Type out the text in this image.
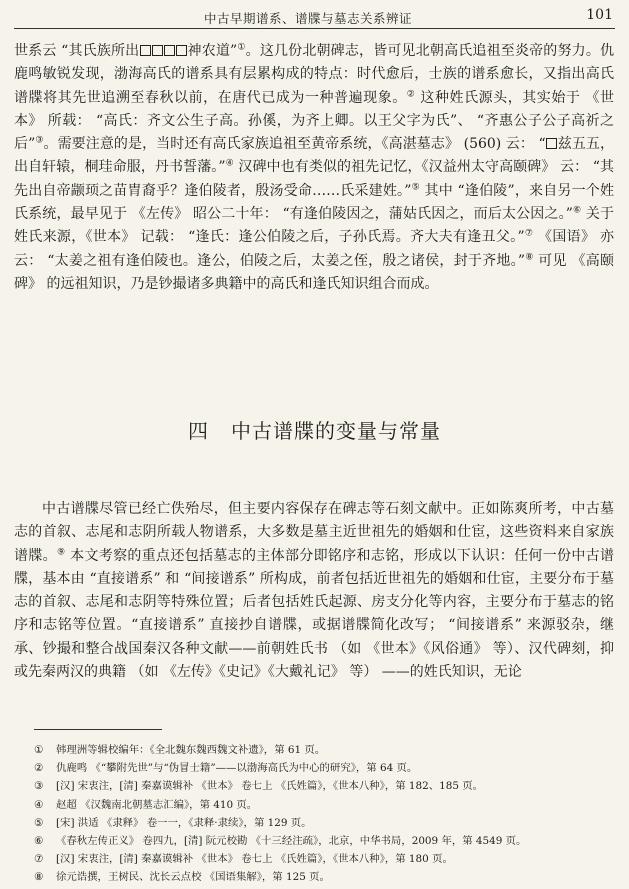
中古早期谱系、谱牒与墓志关系辨证	101

世系云 “其氏族所出	神农道”①。这几份北朝碑志，皆可见北朝高氏追祖至炎帝的努力。仇鹿鸣敏锐发现，渤海高氏的谱系具有层累构成的特点：时代愈后，士族的谱系愈长，又指出高氏谱牒将其先世追溯至春秋以前，在唐代已成为一种普遍现象。② 这种姓氏源头，其实始于 《世本》 所载： “高氏：齐文公生子高。孙傒，为齐上卿。以王父字为氏”、 “齐惠公子公子高祈之后”③。需要注意的是，当时还有高氏家族追祖至黄帝系统，《高湛墓志》 (560) 云： “ 兹五五，出自轩辕，桐珪命服，丹书誓藩。”④ 汉碑中也有类似的祖先记忆，《汉益州太守高颐碑》 云： “其先出自帝颛顼之苗胄裔乎？逢伯陵者，殷汤受命……氏采建姓。”⑤ 其中 “逢伯陵”，来自另一个姓氏系统，最早见于 《左传》 昭公二十年： “有逢伯陵因之，蒲姑氏因之，而后太公因之。”⑥ 关于姓氏来源，《世本》 记载： “逢氏：逢公伯陵之后，子孙氏焉。齐大夫有逢丑父。”⑦ 《国语》 亦云： “太姜之祖有逢伯陵也。逢公，伯陵之后，太姜之侄，殷之诸侯，封于齐地。”⑧ 可见 《高颐碑》 的远祖知识，乃是钞撮诸多典籍中的高氏和逢氏知识组合而成。

四 中古谱牒的变量与常量

中古谱牒尽管已经亡佚殆尽，但主要内容保存在碑志等石刻文献中。正如陈爽所考，中古墓志的首叙、志尾和志阴所载人物谱系，大多数是墓主近世祖先的婚姻和仕宦，这些资料来自家族谱牒。⑨ 本文考察的重点还包括墓志的主体部分即铭序和志铭，形成以下认识：任何一份中古谱牒，基本由 “直接谱系” 和 “间接谱系” 所构成，前者包括近世祖先的婚姻和仕宦，主要分布于墓志的首叙、志尾和志阴等特殊位置；后者包括姓氏起源、房支分化等内容，主要分布于墓志的铭序和志铭等位置。“直接谱系” 直接抄自谱牒，或据谱牒简化改写； “间接谱系” 来源驳杂，继承、钞撮和整合战国秦汉各种文献——前朝姓氏书 （如 《世本》《风俗通》 等）、汉代碑刻，抑或先秦两汉的典籍 （如 《左传》《史记》《大戴礼记》 等） ——的姓氏知识，无论

① 韩理洲等辑校编年：《全北魏东魏西魏文补遗》，第 61 页。
② 仇鹿鸣 《“攀附先世”与“伪冒士籍”——以渤海高氏为中心的研究》，第 64 页。
③ [汉] 宋衷注，[清] 秦嘉谟辑补 《世本》 卷七上 《氏姓篇》，《世本八种》，第 182、185 页。
④ 赵超 《汉魏南北朝墓志汇编》，第 410 页。
⑤ [宋] 洪适 《隶释》 卷一一，《隶释·隶续》，第 129 页。
⑥ 《春秋左传正义》 卷四九，[清] 阮元校勘 《十三经注疏》，北京，中华书局，2009 年，第 4549 页。
⑦ [汉] 宋衷注，[清] 秦嘉谟辑补 《世本》 卷七上 《氏姓篇》，《世本八种》，第 180 页。
⑧ 徐元诰撰，王树民、沈长云点校 《国语集解》，第 125 页。
